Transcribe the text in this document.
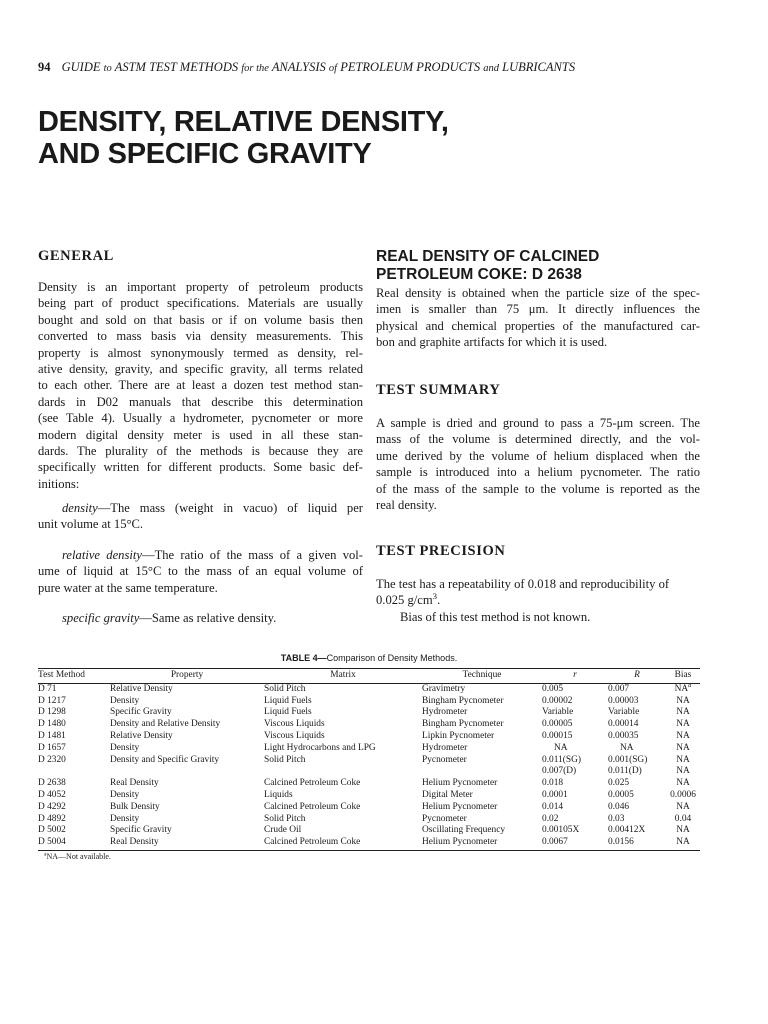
94 GUIDE to ASTM TEST METHODS for the ANALYSIS of PETROLEUM PRODUCTS and LUBRICANTS
DENSITY, RELATIVE DENSITY,
AND SPECIFIC GRAVITY
GENERAL
Density is an important property of petroleum products
being part of product specifications. Materials are usually
bought and sold on that basis or if on volume basis then
converted to mass basis via density measurements. This
property is almost synonymously termed as density, rel-
ative density, gravity, and specific gravity, all terms related
to each other. There are at least a dozen test method stan-
dards in D02 manuals that describe this determination
(see Table 4). Usually a hydrometer, pycnometer or more
modern digital density meter is used in all these stan-
dards. The plurality of the methods is because they are
specifically written for different products. Some basic def-
initions:
density—The mass (weight in vacuo) of liquid per
unit volume at 15°C.
relative density—The ratio of the mass of a given vol-
ume of liquid at 15°C to the mass of an equal volume of
pure water at the same temperature.
specific gravity—Same as relative density.
REAL DENSITY OF CALCINED
PETROLEUM COKE: D 2638
Real density is obtained when the particle size of the spec-
imen is smaller than 75 μm. It directly influences the
physical and chemical properties of the manufactured car-
bon and graphite artifacts for which it is used.
TEST SUMMARY
A sample is dried and ground to pass a 75-μm screen. The
mass of the volume is determined directly, and the vol-
ume derived by the volume of helium displaced when the
sample is introduced into a helium pycnometer. The ratio
of the mass of the sample to the volume is reported as the
real density.
TEST PRECISION

The test has a repeatability of 0.018 and reproducibility of

0.025 $g/cm^3$.

Bias of this test method is not known.

TABLE 4—Comparison of Density Methods.
Test Method	Property	Matrix	Technique	r	R	Bias
D 71	Relative Density	Solid Pitch	Gravimetry	0.005	0.007	$NA^a$
D 1217	Density	Liquid Fuels	Bingham Pycnometer	0.00002	0.00003	NA
D 1298	Specific Gravity	Liquid Fuels	Hydrometer	Variable	Variable	NA
D 1480	Density and Relative Density	Viscous Liquids	Bingham Pycnometer	0.00005	0.00014	NA
D 1481	Relative Density	Viscous Liquids	Lipkin Pycnometer	0.00015	0.00035	NA
D 1657	Density	Light Hydrocarbons and LPG	Hydrometer	NA	NA	NA
D 2320	Density and Specific Gravity	Solid Pitch	Pycnometer	0.011(SG)	0.001(SG)	NA
				0.007(D)	0.011(D)	NA
D 2638	Real Density	Calcined Petroleum Coke	Helium Pycnometer	0.018	0.025	NA
D 4052	Density	Liquids	Digital Meter	0.0001	0.0005	0.0006
D 4292	Bulk Density	Calcined Petroleum Coke	Helium Pycnometer	0.014	0.046	NA
D 4892	Density	Solid Pitch	Pycnometer	0.02	0.03	0.04
D 5002	Specific Gravity	Crude Oil	Oscillating Frequency	0.00105X	0.00412X	NA
D 5004	Real Density	Calcined Petroleum Coke	Helium Pycnometer	0.0067	0.0156	NA
$^a$NA—Not available.
